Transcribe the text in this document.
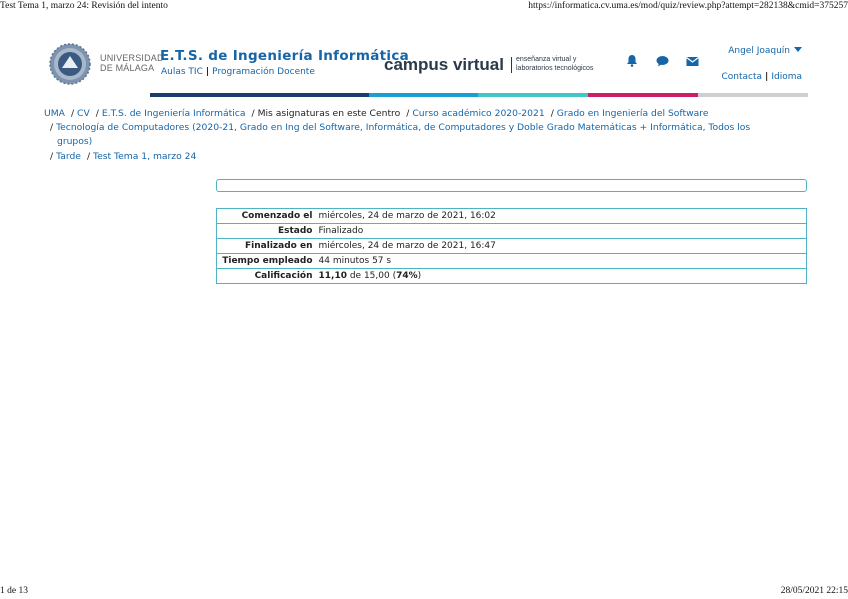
Test Tema 1, marzo 24: Revisión del intento	https://informatica.cv.uma.es/mod/quiz/review.php?attempt=282138&cmid=375257
UNIVERSIDAD
DE MÁLAGA
E.T.S. de Ingeniería Informática
Aulas TIC | Programación Docente	campus virtual enseñanza virtual y
laboratorios tecnológicos
Angel Joaquín
Contacta | Idioma
UMA / CV / E.T.S. de Ingeniería Informática / Mis asignaturas en este Centro / Curso académico 2020-2021 / Grado en Ingeniería del Software
/ Tecnología de Computadores (2020-21, Grado en Ing del Software, Informática, de Computadores y Doble Grado Matemáticas + Informática, Todos los
grupos)
/ Tarde / Test Tema 1, marzo 24
Comenzado el	miércoles, 24 de marzo de 2021, 16:02
Estado	Finalizado
Finalizado en	miércoles, 24 de marzo de 2021, 16:47
Tiempo empleado	44 minutos 57 s
Calificación	11,10 de 15,00 (74%)
1 de 13	28/05/2021 22:15
